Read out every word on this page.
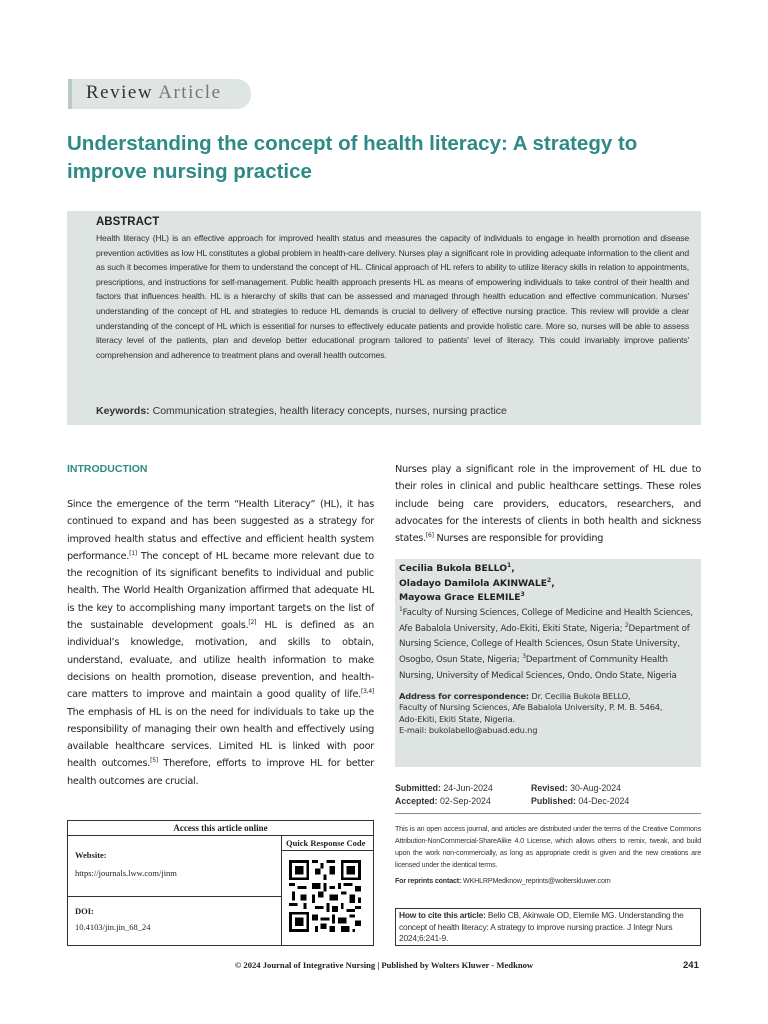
Review Article
Understanding the concept of health literacy: A strategy to improve nursing practice
ABSTRACT

Health literacy (HL) is an effective approach for improved health status and measures the capacity of individuals to engage in health promotion and disease prevention activities as low HL constitutes a global problem in health-care delivery. Nurses play a significant role in providing adequate information to the client and as such it becomes imperative for them to understand the concept of HL. Clinical approach of HL refers to ability to utilize literacy skills in relation to appointments, prescriptions, and instructions for self-management. Public health approach presents HL as means of empowering individuals to take control of their health and factors that influences health. HL is a hierarchy of skills that can be assessed and managed through health education and effective communication. Nurses' understanding of the concept of HL and strategies to reduce HL demands is crucial to delivery of effective nursing practice. This review will provide a clear understanding of the concept of HL which is essential for nurses to effectively educate patients and provide holistic care. More so, nurses will be able to assess literacy level of the patients, plan and develop better educational program tailored to patients' level of literacy. This could invariably improve patients' comprehension and adherence to treatment plans and overall health outcomes.

Keywords: Communication strategies, health literacy concepts, nurses, nursing practice
INTRODUCTION
Since the emergence of the term “Health Literacy” (HL), it has continued to expand and has been suggested as a strategy for improved health status and effective and efficient health system performance.[1] The concept of HL became more relevant due to the recognition of its significant benefits to individual and public health. The World Health Organization affirmed that adequate HL is the key to accomplishing many important targets on the list of the sustainable development goals.[2] HL is defined as an individual’s knowledge, motivation, and skills to obtain, understand, evaluate, and utilize health information to make decisions on health promotion, disease prevention, and health-care matters to improve and maintain a good quality of life.[3,4] The emphasis of HL is on the need for individuals to take up the responsibility of managing their own health and effectively using available healthcare services. Limited HL is linked with poor health outcomes.[5] Therefore, efforts to improve HL for better health outcomes are crucial.
Nurses play a significant role in the improvement of HL due to their roles in clinical and public healthcare settings. These roles include being care providers, educators, researchers, and advocates for the interests of clients in both health and sickness states.[6] Nurses are responsible for providing
Cecilia Bukola BELLO$^1$,
Oladayo Damilola AKINWALE$^2$,
Mayowa Grace ELEMILE$^3$
$^1$Faculty of Nursing Sciences, College of Medicine and Health Sciences, Afe Babalola University, Ado-Ekiti, Ekiti State, Nigeria; $^2$Department of Nursing Science, College of Health Sciences, Osun State University, Osogbo, Osun State, Nigeria; $^3$Department of Community Health Nursing, University of Medical Sciences, Ondo, Ondo State, Nigeria
Address for correspondence: Dr. Cecilia Bukola BELLO,
Faculty of Nursing Sciences, Afe Babalola University, P. M. B. 5464,
Ado-Ekiti, Ekiti State, Nigeria.
E-mail: bukolabello@abuad.edu.ng
Submitted: 24-Jun-2024	Revised: 30-Aug-2024
Accepted: 02-Sep-2024	Published: 04-Dec-2024
This is an open access journal, and articles are distributed under the terms of the Creative Commons Attribution-NonCommercial-ShareAlike 4.0 License, which allows others to remix, tweak, and build upon the work non-commercially, as long as appropriate credit is given and the new creations are licensed under the identical terms.
For reprints contact: WKHLRPMedknow_reprints@wolterskluwer.com
How to cite this article: Bello CB, Akinwale OD, Elemile MG. Understanding the concept of health literacy: A strategy to improve nursing practice. J Integr Nurs 2024;6:241-9.
Access this article online
Website:
https://journals.lww.com/jinm
DOI:
10.4103/jin.jin_68_24
Quick Response Code
© 2024 Journal of Integrative Nursing | Published by Wolters Kluwer - Medknow	241
